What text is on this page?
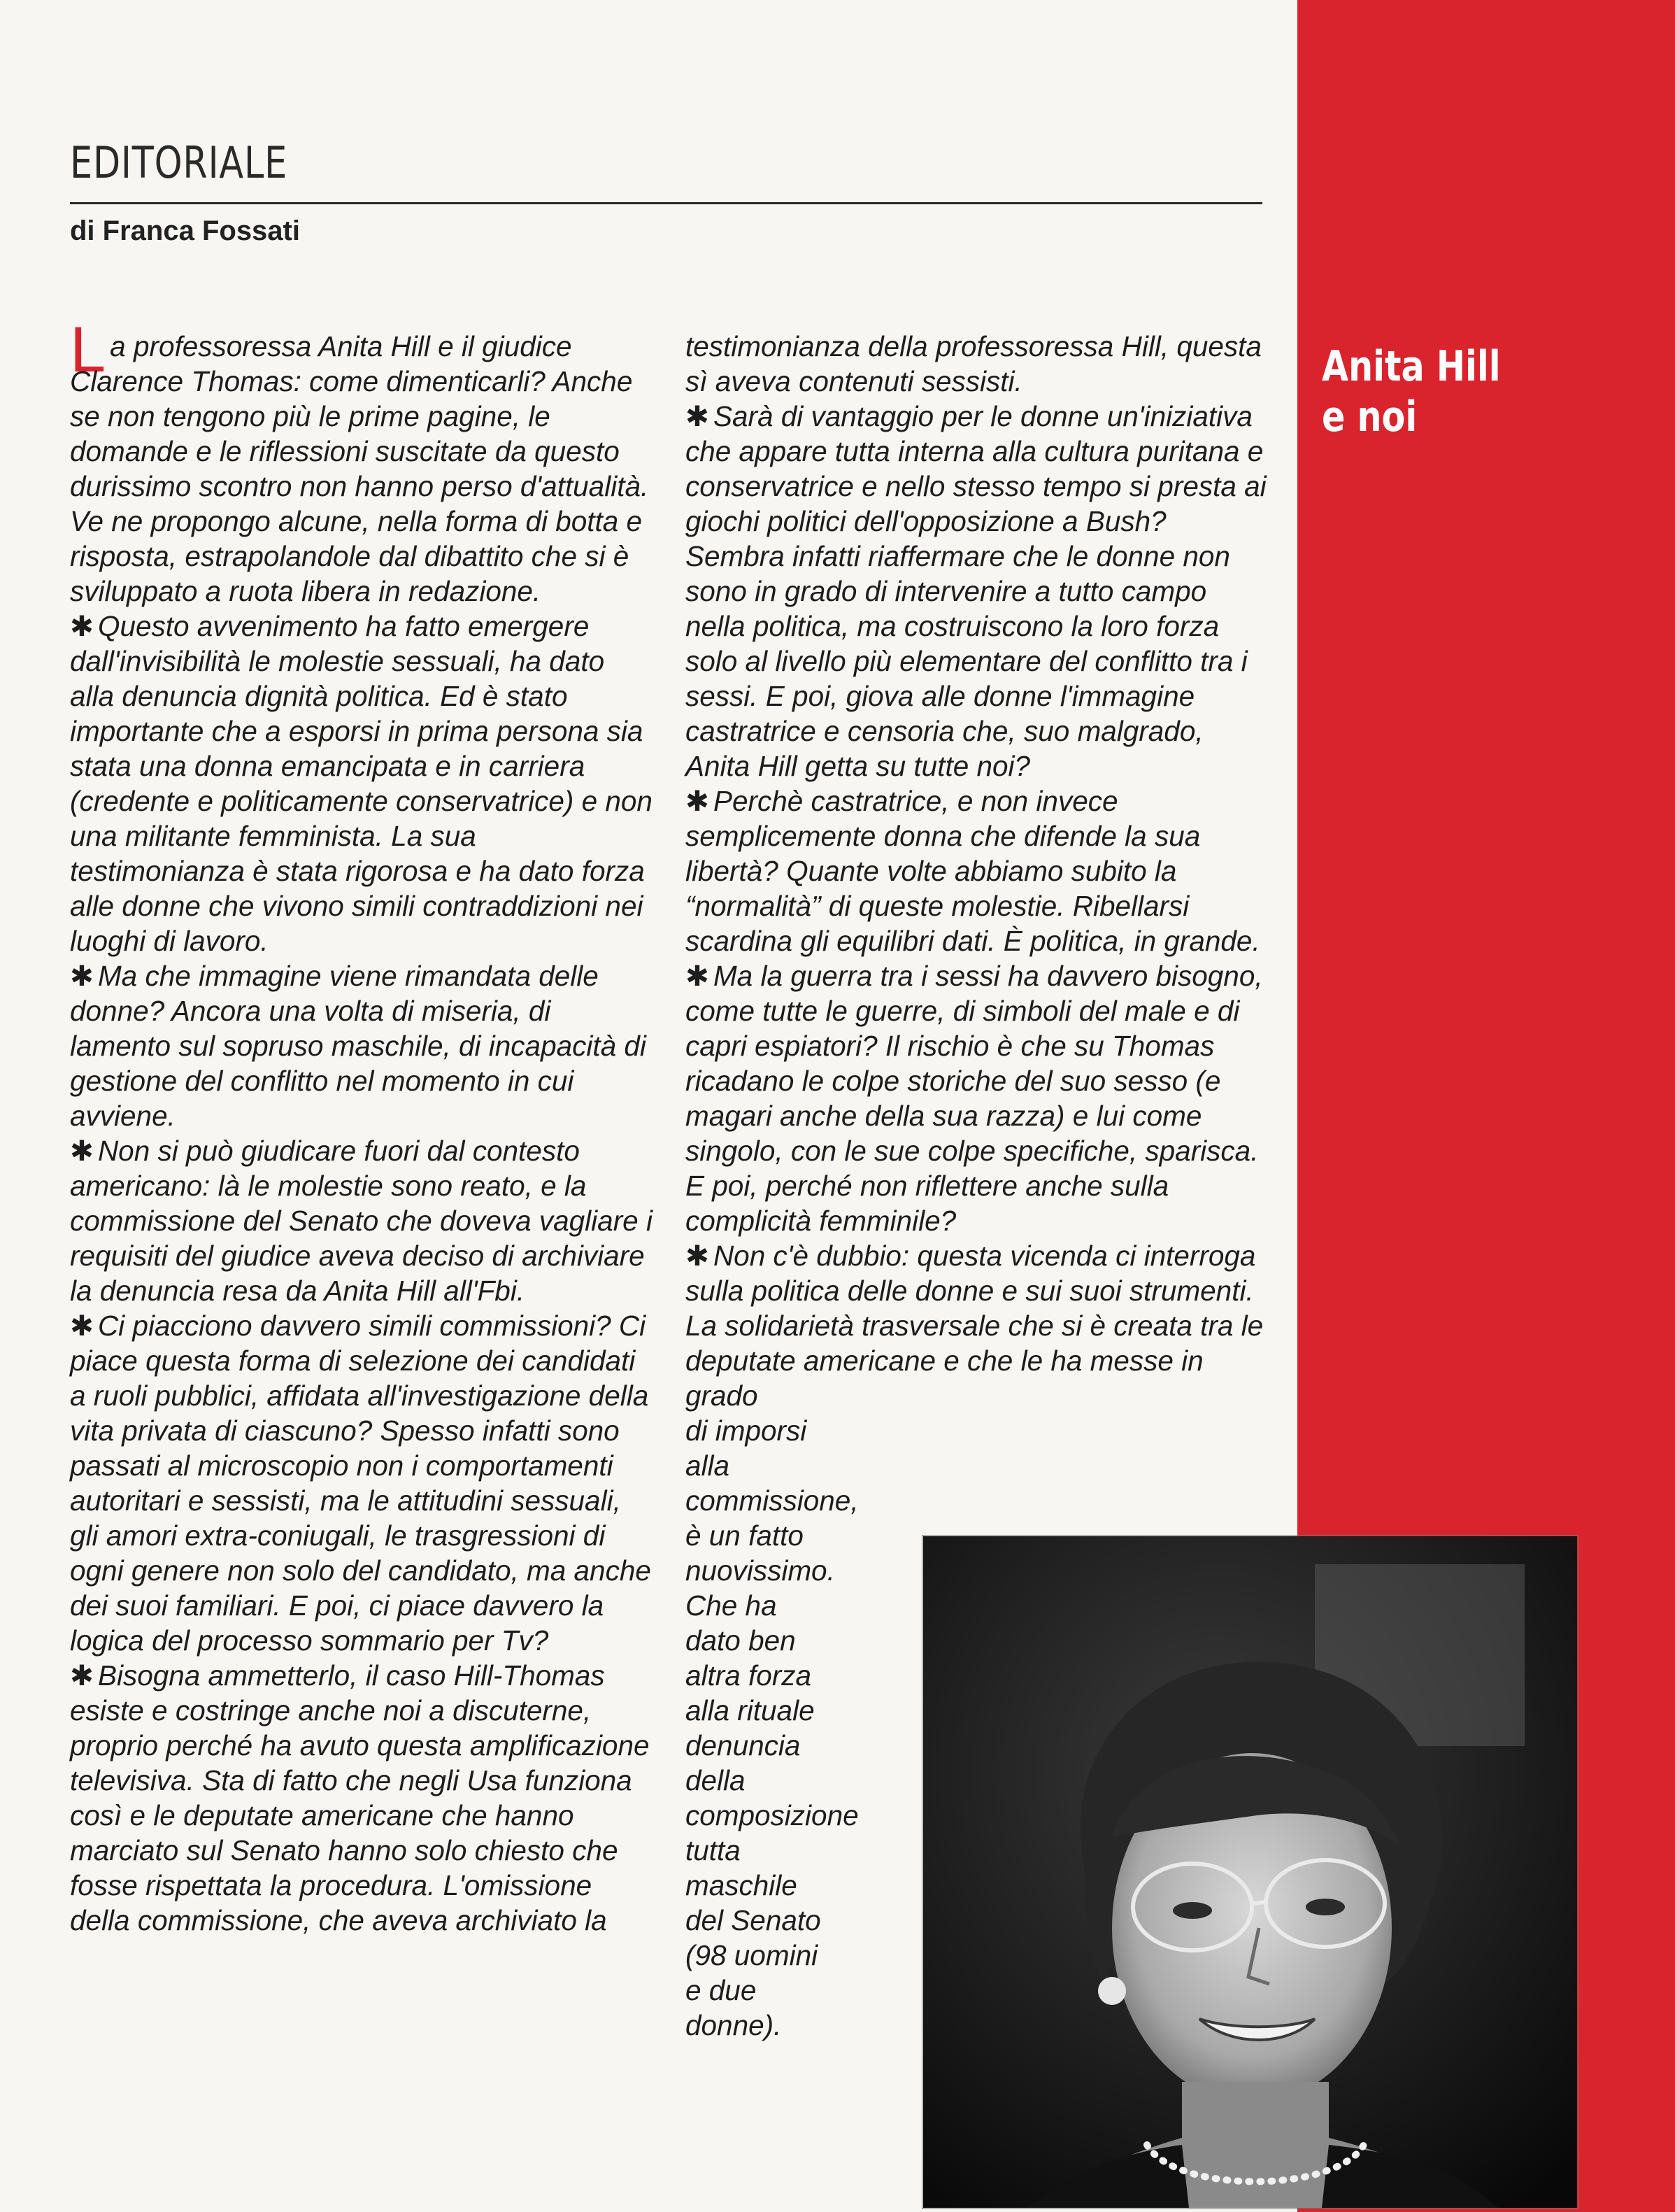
Anita Hill
e noi
EDITORIALE
di Franca Fossati

La professoressa Anita Hill e il giudice Clarence Thomas: come dimenticarli? Anche se non tengono più le prime pagine, le domande e le riflessioni suscitate da questo durissimo scontro non hanno perso d'attualità. Ve ne propongo alcune, nella forma di botta e risposta, estrapolandole dal dibattito che si è sviluppato a ruota libera in redazione.

✱ Questo avvenimento ha fatto emergere dall'invisibilità le molestie sessuali, ha dato alla denuncia dignità politica. Ed è stato importante che a esporsi in prima persona sia stata una donna emancipata e in carriera (credente e politicamente conservatrice) e non una militante femminista. La sua testimonianza è stata rigorosa e ha dato forza alle donne che vivono simili contraddizioni nei luoghi di lavoro.

✱ Ma che immagine viene rimandata delle donne? Ancora una volta di miseria, di lamento sul sopruso maschile, di incapacità di gestione del conflitto nel momento in cui avviene.

✱ Non si può giudicare fuori dal contesto americano: là le molestie sono reato, e la commissione del Senato che doveva vagliare i requisiti del giudice aveva deciso di archiviare la denuncia resa da Anita Hill all'Fbi.

✱ Ci piacciono davvero simili commissioni? Ci piace questa forma di selezione dei candidati a ruoli pubblici, affidata all'investigazione della vita privata di ciascuno? Spesso infatti sono passati al microscopio non i comportamenti autoritari e sessisti, ma le attitudini sessuali, gli amori extra-coniugali, le trasgressioni di ogni genere non solo del candidato, ma anche dei suoi familiari. E poi, ci piace davvero la logica del processo sommario per Tv?

✱ Bisogna ammetterlo, il caso Hill-Thomas esiste e costringe anche noi a discuterne, proprio perché ha avuto questa amplificazione televisiva. Sta di fatto che negli Usa funziona così e le deputate americane che hanno marciato sul Senato hanno solo chiesto che fosse rispettata la procedura. L'omissione della commissione, che aveva archiviato la

testimonianza della professoressa Hill, questa sì aveva contenuti sessisti.

✱ Sarà di vantaggio per le donne un'iniziativa che appare tutta interna alla cultura puritana e conservatrice e nello stesso tempo si presta ai giochi politici dell'opposizione a Bush? Sembra infatti riaffermare che le donne non sono in grado di intervenire a tutto campo nella politica, ma costruiscono la loro forza solo al livello più elementare del conflitto tra i sessi. E poi, giova alle donne l'immagine castratrice e censoria che, suo malgrado, Anita Hill getta su tutte noi?

✱ Perchè castratrice, e non invece semplicemente donna che difende la sua libertà? Quante volte abbiamo subito la “normalità” di queste molestie. Ribellarsi scardina gli equilibri dati. È politica, in grande.

✱ Ma la guerra tra i sessi ha davvero bisogno, come tutte le guerre, di simboli del male e di capri espiatori? Il rischio è che su Thomas ricadano le colpe storiche del suo sesso (e magari anche della sua razza) e lui come singolo, con le sue colpe specifiche, sparisca. E poi, perché non riflettere anche sulla complicità femminile?

✱ Non c'è dubbio: questa vicenda ci interroga sulla politica delle donne e sui suoi strumenti. La solidarietà trasversale che si è creata tra le deputate americane e che le ha messe in grado

di imporsi alla commissione, è un fatto nuovissimo. Che ha dato ben altra forza alla rituale denuncia della composizione tutta maschile del Senato (98 uomini e due donne).
